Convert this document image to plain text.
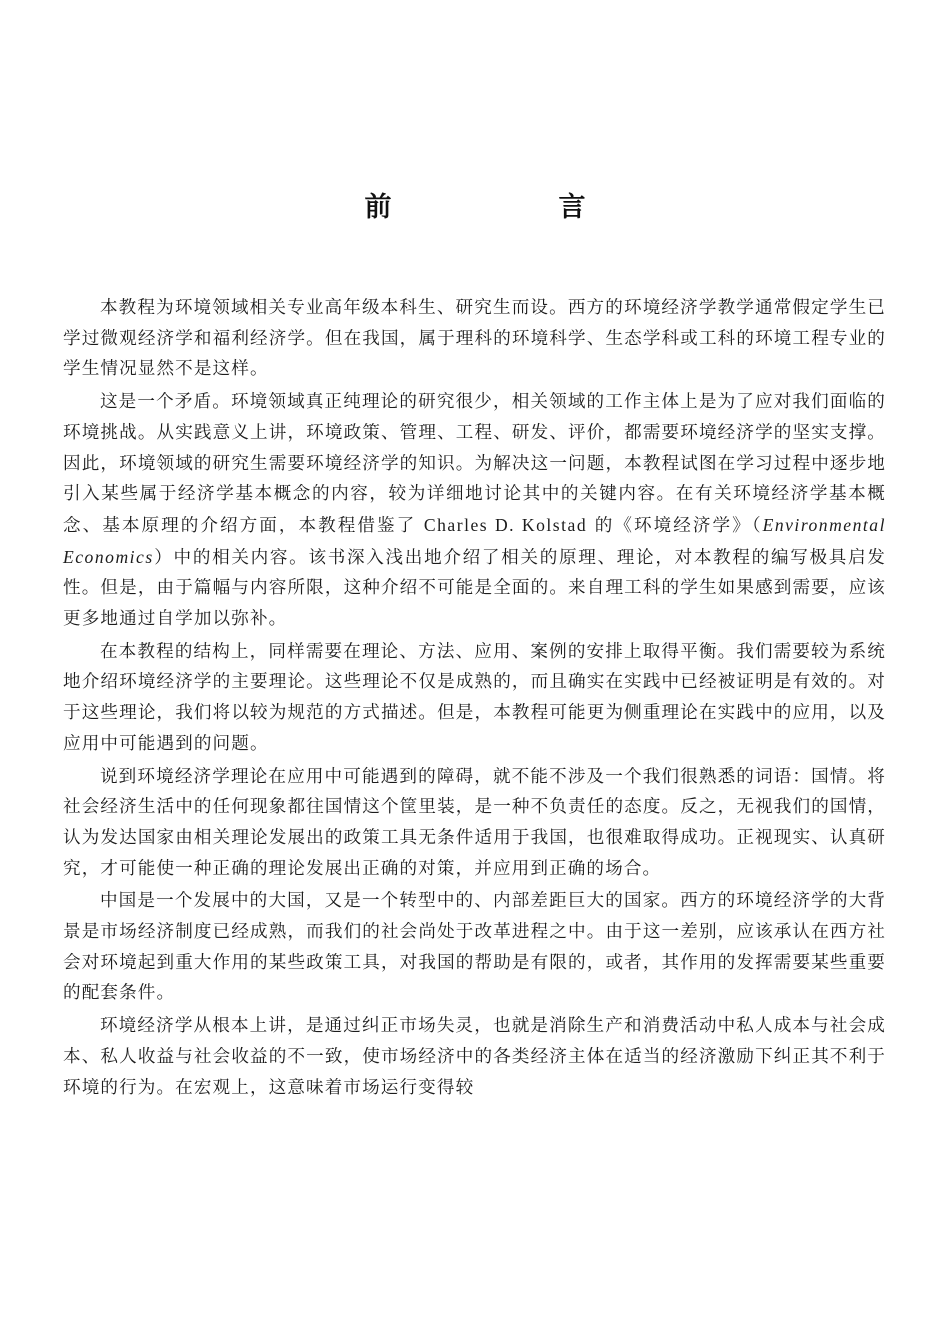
前　言

本教程为环境领域相关专业高年级本科生、研究生而设。西方的环境经济学教学通常假定学生已学过微观经济学和福利经济学。但在我国，属于理科的环境科学、生态学科或工科的环境工程专业的学生情况显然不是这样。

这是一个矛盾。环境领域真正纯理论的研究很少，相关领域的工作主体上是为了应对我们面临的环境挑战。从实践意义上讲，环境政策、管理、工程、研发、评价，都需要环境经济学的坚实支撑。因此，环境领域的研究生需要环境经济学的知识。为解决这一问题，本教程试图在学习过程中逐步地引入某些属于经济学基本概念的内容，较为详细地讨论其中的关键内容。在有关环境经济学基本概念、基本原理的介绍方面，本教程借鉴了 Charles D. Kolstad 的《环境经济学》（Environmental Economics）中的相关内容。该书深入浅出地介绍了相关的原理、理论，对本教程的编写极具启发性。但是，由于篇幅与内容所限，这种介绍不可能是全面的。来自理工科的学生如果感到需要，应该更多地通过自学加以弥补。

在本教程的结构上，同样需要在理论、方法、应用、案例的安排上取得平衡。我们需要较为系统地介绍环境经济学的主要理论。这些理论不仅是成熟的，而且确实在实践中已经被证明是有效的。对于这些理论，我们将以较为规范的方式描述。但是，本教程可能更为侧重理论在实践中的应用，以及应用中可能遇到的问题。

说到环境经济学理论在应用中可能遇到的障碍，就不能不涉及一个我们很熟悉的词语：国情。将社会经济生活中的任何现象都往国情这个筐里装，是一种不负责任的态度。反之，无视我们的国情，认为发达国家由相关理论发展出的政策工具无条件适用于我国，也很难取得成功。正视现实、认真研究，才可能使一种正确的理论发展出正确的对策，并应用到正确的场合。

中国是一个发展中的大国，又是一个转型中的、内部差距巨大的国家。西方的环境经济学的大背景是市场经济制度已经成熟，而我们的社会尚处于改革进程之中。由于这一差别，应该承认在西方社会对环境起到重大作用的某些政策工具，对我国的帮助是有限的，或者，其作用的发挥需要某些重要的配套条件。

环境经济学从根本上讲，是通过纠正市场失灵，也就是消除生产和消费活动中私人成本与社会成本、私人收益与社会收益的不一致，使市场经济中的各类经济主体在适当的经济激励下纠正其不利于环境的行为。在宏观上，这意味着市场运行变得较
